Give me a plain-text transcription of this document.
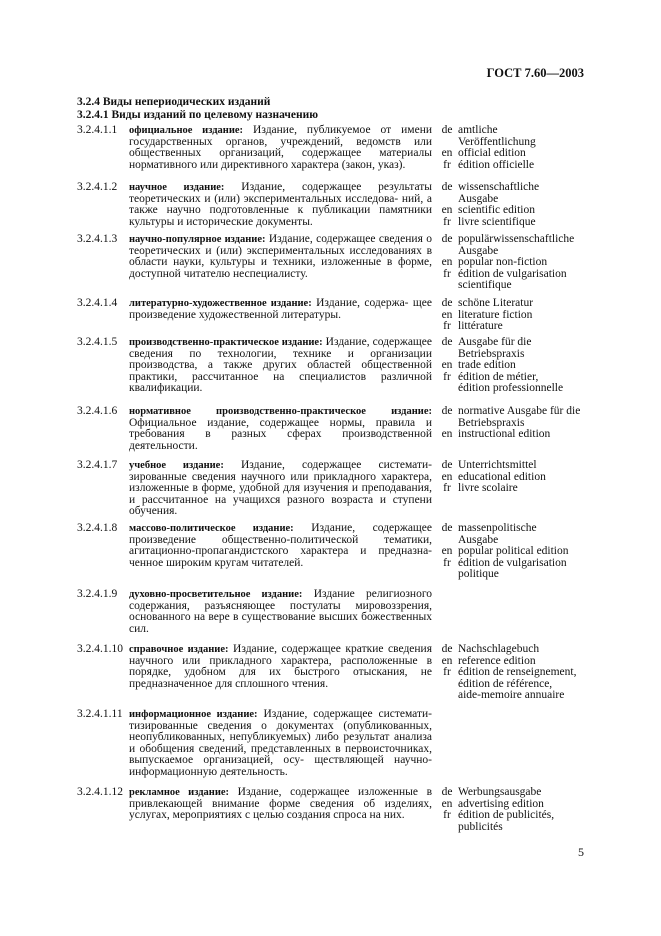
ГОСТ 7.60—2003
3.2.4 Виды непериодических изданий
3.2.4.1 Виды изданий по целевому назначению
3.2.4.1.1	официальное издание: Издание, публикуемое от имени государственных органов, учреждений, ведомств или общественных организаций, содержащее материалы нормативного или директивного характера (закон, указ).
de amtliche
Veröffentlichung
en official edition
fr édition officielle
3.2.4.1.2	научное издание: Издание, содержащее результаты теоретических и (или) экспериментальных исследова- ний, а также научно подготовленные к публикации памятники культуры и исторические документы.
de wissenschaftliche
Ausgabe
en scientific edition
fr livre scientifique
3.2.4.1.3	научно-популярное издание: Издание, содержащее сведения о теоретических и (или) экспериментальных исследованиях в области науки, культуры и техники, изложенные в форме, доступной читателю неспециалисту.
de populärwissenschaftliche
Ausgabe
en popular non-fiction
fr édition de vulgarisation
scientifique
3.2.4.1.4	литературно-художественное издание: Издание, содержа- щее произведение художественной литературы.
de schöne Literatur
en literature fiction
fr littérature
3.2.4.1.5	производственно-практическое издание: Издание, содержащее сведения по технологии, технике и организации производства, а также других областей общественной практики, рассчитанное на специалистов различной квалификации.
de Ausgabe für die
Betriebspraxis
en trade edition
fr édition de métier,
édition professionnelle
3.2.4.1.6	нормативное производственно-практическое издание: Официальное издание, содержащее нормы, правила и требования в разных сферах производственной деятельности.
de normative Ausgabe für die
Betriebspraxis
en instructional edition
3.2.4.1.7	учебное издание: Издание, содержащее системати- зированные сведения научного или прикладного характера, изложенные в форме, удобной для изучения и преподавания, и рассчитанное на учащихся разного возраста и ступени обучения.
de Unterrichtsmittel
en educational edition
fr livre scolaire
3.2.4.1.8	массово-политическое издание: Издание, содержащее произведение общественно-политической тематики, агитационно-пропагандистского характера и предназна- ченное широким кругам читателей.
de massenpolitische
Ausgabe
en popular political edition
fr édition de vulgarisation
politique
3.2.4.1.9	духовно-просветительное издание: Издание религиозного содержания, разъясняющее постулаты мировоззрения, основанного на вере в существование высших божественных сил.
3.2.4.1.10 справочное издание: Издание, содержащее краткие сведения научного или прикладного характера, расположенные в порядке, удобном для их быстрого отыскания, не предназначенное для сплошного чтения.
de Nachschlagebuch
en reference edition
fr édition de renseignement,
édition de référence,
aide-memoire annuaire
3.2.4.1.11 информационное издание: Издание, содержащее системати- тизированные сведения о документах (опубликованных, неопубликованных, непубликуемых) либо результат анализа и обобщения сведений, представленных в первоисточниках, выпускаемое организацией, осу- ществляющей научно-информационную деятельность.
3.2.4.1.12 рекламное издание: Издание, содержащее изложенные в привлекающей внимание форме сведения об изделиях, услугах, мероприятиях с целью создания спроса на них.
de Werbungsausgabe
en advertising edition
fr édition de publicités,
publicités
5
